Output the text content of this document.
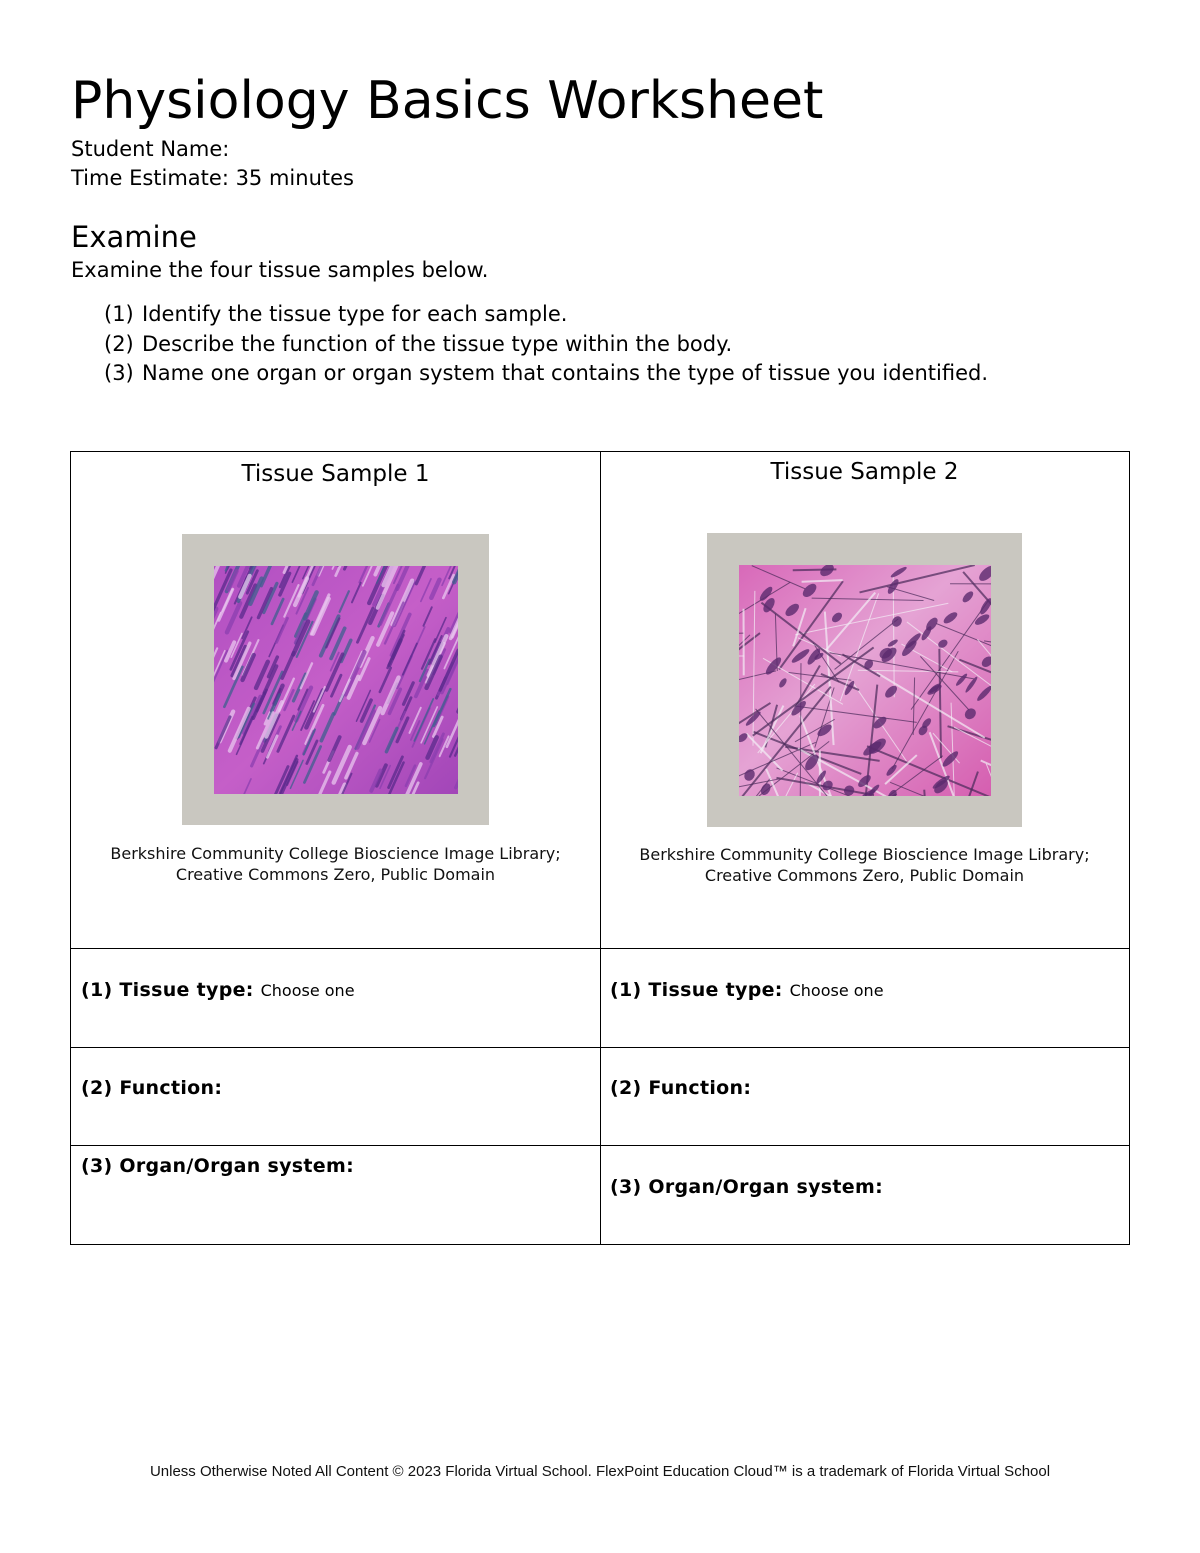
Physiology Basics Worksheet
Student Name:
Time Estimate: 35 minutes
Examine
Examine the four tissue samples below.
(1) Identify the tissue type for each sample.
(2) Describe the function of the tissue type within the body.
(3) Name one organ or organ system that contains the type of tissue you identified.
Tissue Sample 1
Berkshire Community College Bioscience Image Library;
Creative Commons Zero, Public Domain
(1) Tissue type: Choose one
(2) Function:
(3) Organ/Organ system:
Tissue Sample 2
Berkshire Community College Bioscience Image Library;
Creative Commons Zero, Public Domain
(1) Tissue type: Choose one
(2) Function:
(3) Organ/Organ system:
Unless Otherwise Noted All Content © 2023 Florida Virtual School. FlexPoint Education Cloud™ is a trademark of Florida Virtual School
